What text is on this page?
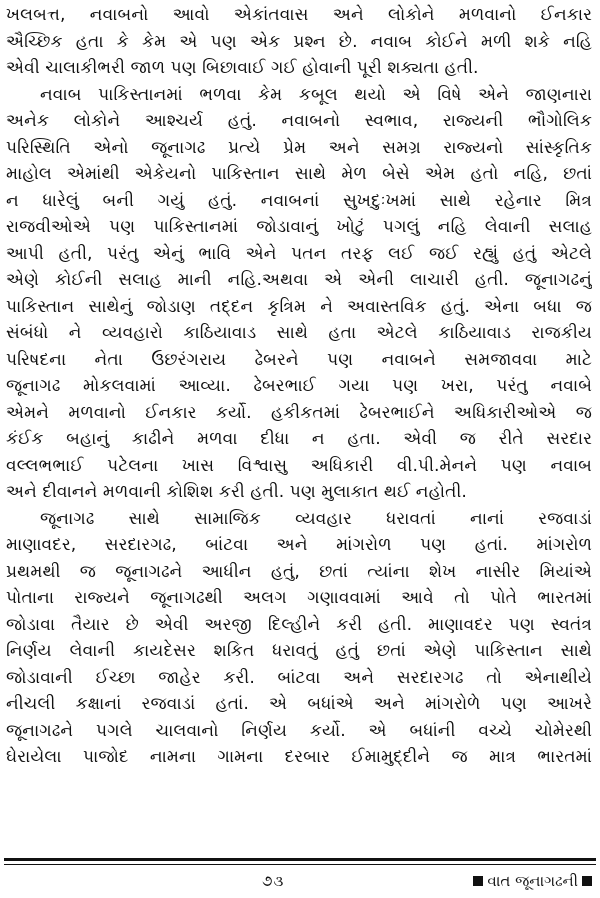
ખલબત્ત, નવાબનો આવો એકાંતવાસ અને લોકોને મળવાનો ઈનકાર
ઐચ્છિક હતા કે કેમ એ પણ એક પ્રશ્ન છે. નવાબ કોઈને મળી શકે નહિ
એવી ચાલાકીભરી જાળ પણ બિછાવાઈ ગઈ હોવાની પૂરી શક્યતા હતી.
નવાબ પાકિસ્તાનમાં ભળવા કેમ કબૂલ થયો એ વિષે એને જાણનારા
અનેક લોકોને આશ્ચર્ય હતું. નવાબનો સ્વભાવ, રાજ્યની ભૌગોલિક
પરિસ્થિતિ એનો જૂનાગઢ પ્રત્યે પ્રેમ અને સમગ્ર રાજ્યનો સાંસ્કૃતિક
માહોલ એમાંથી એકેયનો પાકિસ્તાન સાથે મેળ બેસે એમ હતો નહિ, છતાં
ન ધારેલું બની ગયું હતું. નવાબનાં સુખદુઃખમાં સાથે રહેનાર મિત્ર
રાજવીઓએ પણ પાકિસ્તાનમાં જોડાવાનું ખોટું પગલું નહિ લેવાની સલાહ
આપી હતી, પરંતુ એનું ભાવિ એને પતન તરફ લઈ જઈ રહ્યું હતું એટલે
એણે કોઈની સલાહ માની નહિ.અથવા એ એની લાચારી હતી. જૂનાગઢનું
પાકિસ્તાન સાથેનું જોડાણ તદ્દન કૃત્રિમ ને અવાસ્તવિક હતું. એના બધા જ
સંબંધો ને વ્યવહારો કાઠિયાવાડ સાથે હતા એટલે કાઠિયાવાડ રાજકીય
પરિષદના નેતા ઉછરંગરાય ઢેબરને પણ નવાબને સમજાવવા માટે
જૂનાગઢ મોકલવામાં આવ્યા. ઢેબરભાઈ ગયા પણ ખરા, પરંતુ નવાબે
એમને મળવાનો ઈનકાર કર્યો. હકીકતમાં ઢેબરભાઈને અધિકારીઓએ જ
કંઈક બહાનું કાઢીને મળવા દીધા ન હતા. એવી જ રીતે સરદાર
વલ્લભભાઈ પટેલના ખાસ વિશ્વાસુ અધિકારી વી.પી.મેનને પણ નવાબ
અને દીવાનને મળવાની કોશિશ કરી હતી. પણ મુલાકાત થઈ નહોતી.
જૂનાગઢ સાથે સામાજિક વ્યવહાર ધરાવતાં નાનાં રજવાડાં
માણાવદર, સરદારગઢ, બાંટવા અને માંગરોળ પણ હતાં. માંગરોળ
પ્રથમથી જ જૂનાગઢને આધીન હતું, છતાં ત્યાંના શેખ નાસીર મિયાંએ
પોતાના રાજ્યને જૂનાગઢથી અલગ ગણાવવામાં આવે તો પોતે ભારતમાં
જોડાવા તૈયાર છે એવી અરજી દિલ્હીને કરી હતી. માણાવદર પણ સ્વતંત્ર
નિર્ણય લેવાની કાયદેસર શકિત ધરાવતું હતું છતાં એણે પાકિસ્તાન સાથે
જોડાવાની ઈચ્છા જાહેર કરી. બાંટવા અને સરદારગઢ તો એનાથીયે
નીચલી કક્ષાનાં રજવાડાં હતાં. એ બધાંએ અને માંગરોળે પણ આખરે
જૂનાગઢને પગલે ચાલવાનો નિર્ણય કર્યો. એ બધાંની વચ્ચે ચોમેરથી
ઘેરાયેલા પાજોદ નામના ગામના દરબાર ઈમામુદ્દીને જ માત્ર ભારતમાં
૭૩	વાત જૂનાગઢની
